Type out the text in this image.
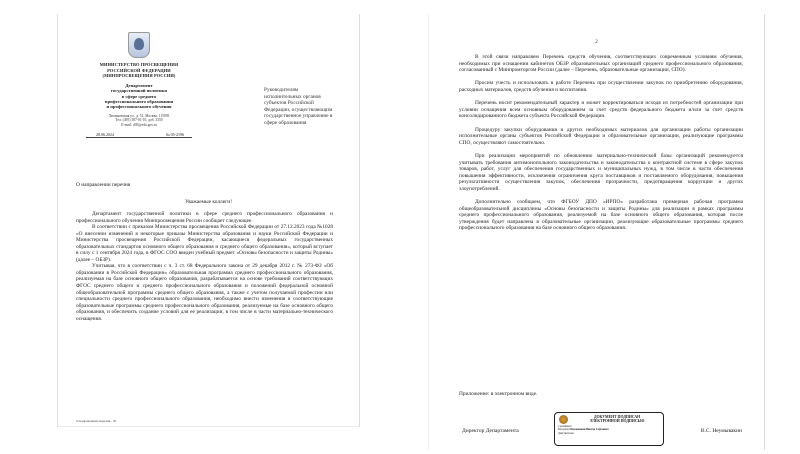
МИНИСТЕРСТВО ПРОСВЕЩЕНИЯ
РОССИЙСКОЙ ФЕДЕРАЦИИ
(МИНПРОСВЕЩЕНИЯ РОССИИ)
Департамент
государственной политики
в сфере среднего
профессионального образования
и профессионального обучения
Люсиновская ул., д. 51, Москва, 115093
Тел. (495) 587-01-10, доб. 3350
E-mail: d05@edu.gov.ru
28.06.2024	№ 05-2196
Руководителям
исполнительных органов
субъектов Российской
Федерации, осуществляющим
государственное управление в
сфере образования
О направлении перечня
Уважаемые коллеги!

Департамент государственной политики в сфере среднего профессионального образования и профессионального обучения Минпросвещения России сообщает следующее.

В соответствии с приказом Министерства просвещения Российской Федерации от 27.12.2023 года №1028 «О внесении изменений в некоторые приказы Министерства образования и науки Российской Федерации и Министерства просвещения Российской Федерации, касающиеся федеральных государственных образовательных стандартов основного общего образования и среднего общего образования», который вступает в силу с 1 сентября 2024 года, в ФГОС СОО введен учебный предмет «Основы безопасности и защиты Родины» (далее – ОБЗР).

Учитывая, что в соответствии с ч. 3 ст. 68 Федерального закона от 29 декабря 2012 г. № 273-ФЗ «Об образовании в Российской Федерации» образовательная программа среднего профессионального образования, реализуемая на базе основного общего образования, разрабатывается на основе требований соответствующих ФГОС среднего общего и среднего профессионального образования и положений федеральной основной общеобразовательной программы среднего общего образования, а также с учетом получаемой профессии или специальности среднего профессионального образования, необходимо внести изменения в соответствующие образовательные программы среднего профессионального образования, реализуемые на базе основного общего образования, и обеспечить создание условий для ее реализации, в том числе в части материально-технического оснащения.

О направлении перечня - 05
2

В этой связи направляем Перечень средств обучения, соответствующих современным условиям обучения, необходимых при оснащении кабинетов ОБЗР образовательных организаций среднего профессионального образования, согласованный с Минпромторгом России (далее – Перечень, образовательные организации, СПО).

Просим учесть и использовать в работе Перечень при осуществлении закупок по приобретению оборудования, расходных материалов, средств обучения и воспитания.

Перечень носит рекомендательный характер и может корректироваться исходя из потребностей организации при условии оснащения всем основным оборудованием за счет средств федерального бюджета и/или за счет средств консолидированного бюджета субъекта Российской Федерации.

Процедуру закупки оборудования и других необходимых материалов для организации работы организации исполнительные органы субъектов Российской Федерации и образовательные организации, реализующие программы СПО, осуществляют самостоятельно.

При реализации мероприятий по обновлению материально-технической базы организаций рекомендуется учитывать требования антимонопольного законодательства и законодательства о контрактной системе в сфере закупок товаров, работ, услуг для обеспечения государственных и муниципальных нужд, в том числе в части обеспечения повышения эффективности, исключения ограничения круга поставщиков и поставляемого оборудования, повышения результативности осуществления закупок, обеспечения прозрачности, предотвращения коррупции и других злоупотреблений.

Дополнительно сообщаем, что ФГБОУ ДПО «ИРПО» разработана примерная рабочая программа общеобразовательной дисциплины «Основы безопасности и защиты Родины» для реализации в рамках программы среднего профессионального образования, реализуемой на базе основного общего образования, которая после утверждения будет направлена в образовательные организации, реализующие образовательные программы среднего профессионального образования на базе основного общего образования.

Приложение: в электронном виде.
Директор Департамента
ДОКУМЕНТ ПОДПИСАН
ЭЛЕКТРОННОЙ ПОДПИСЬЮ
Сертификат
Владелец Неумывакин Виктор Сергеевич
Действителен	В.С. Неумывакин
